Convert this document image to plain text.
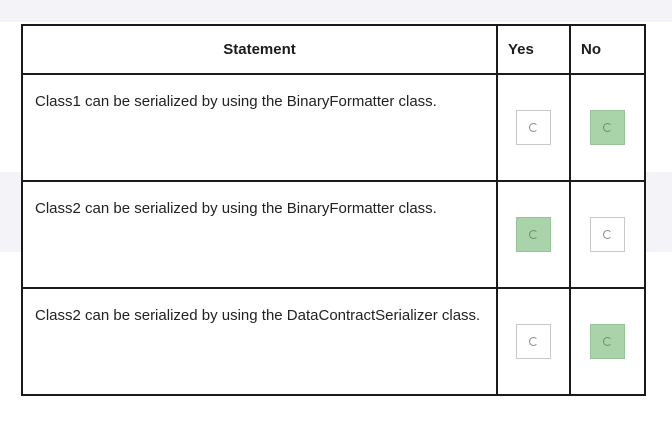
Statement	Yes	No
Class1 can be serialized by using the BinaryFormatter class.
Class2 can be serialized by using the BinaryFormatter class.
Class2 can be serialized by using the DataContractSerializer class.
